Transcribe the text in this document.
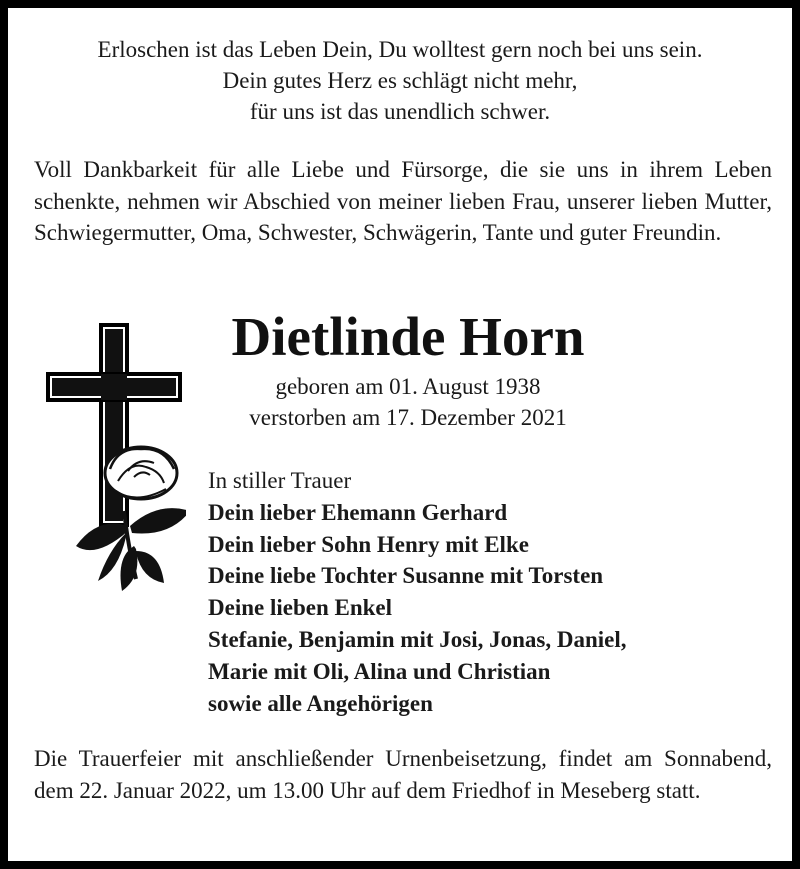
Erloschen ist das Leben Dein, Du wolltest gern noch bei uns sein.
Dein gutes Herz es schlägt nicht mehr,
für uns ist das unendlich schwer.
Voll Dankbarkeit für alle Liebe und Fürsorge, die sie uns in ihrem Leben schenkte, nehmen wir Abschied von meiner lieben Frau, unserer lieben Mutter, Schwiegermutter, Oma, Schwester, Schwägerin, Tante und guter Freundin.
Dietlinde Horn
geboren am 01. August 1938
verstorben am 17. Dezember 2021
In stiller Trauer
Dein lieber Ehemann Gerhard
Dein lieber Sohn Henry mit Elke
Deine liebe Tochter Susanne mit Torsten
Deine lieben Enkel
Stefanie, Benjamin mit Josi, Jonas, Daniel,
Marie mit Oli, Alina und Christian
sowie alle Angehörigen
Die Trauerfeier mit anschließender Urnenbeisetzung, findet am Sonnabend, dem 22. Januar 2022, um 13.00 Uhr auf dem Friedhof in Meseberg statt.
